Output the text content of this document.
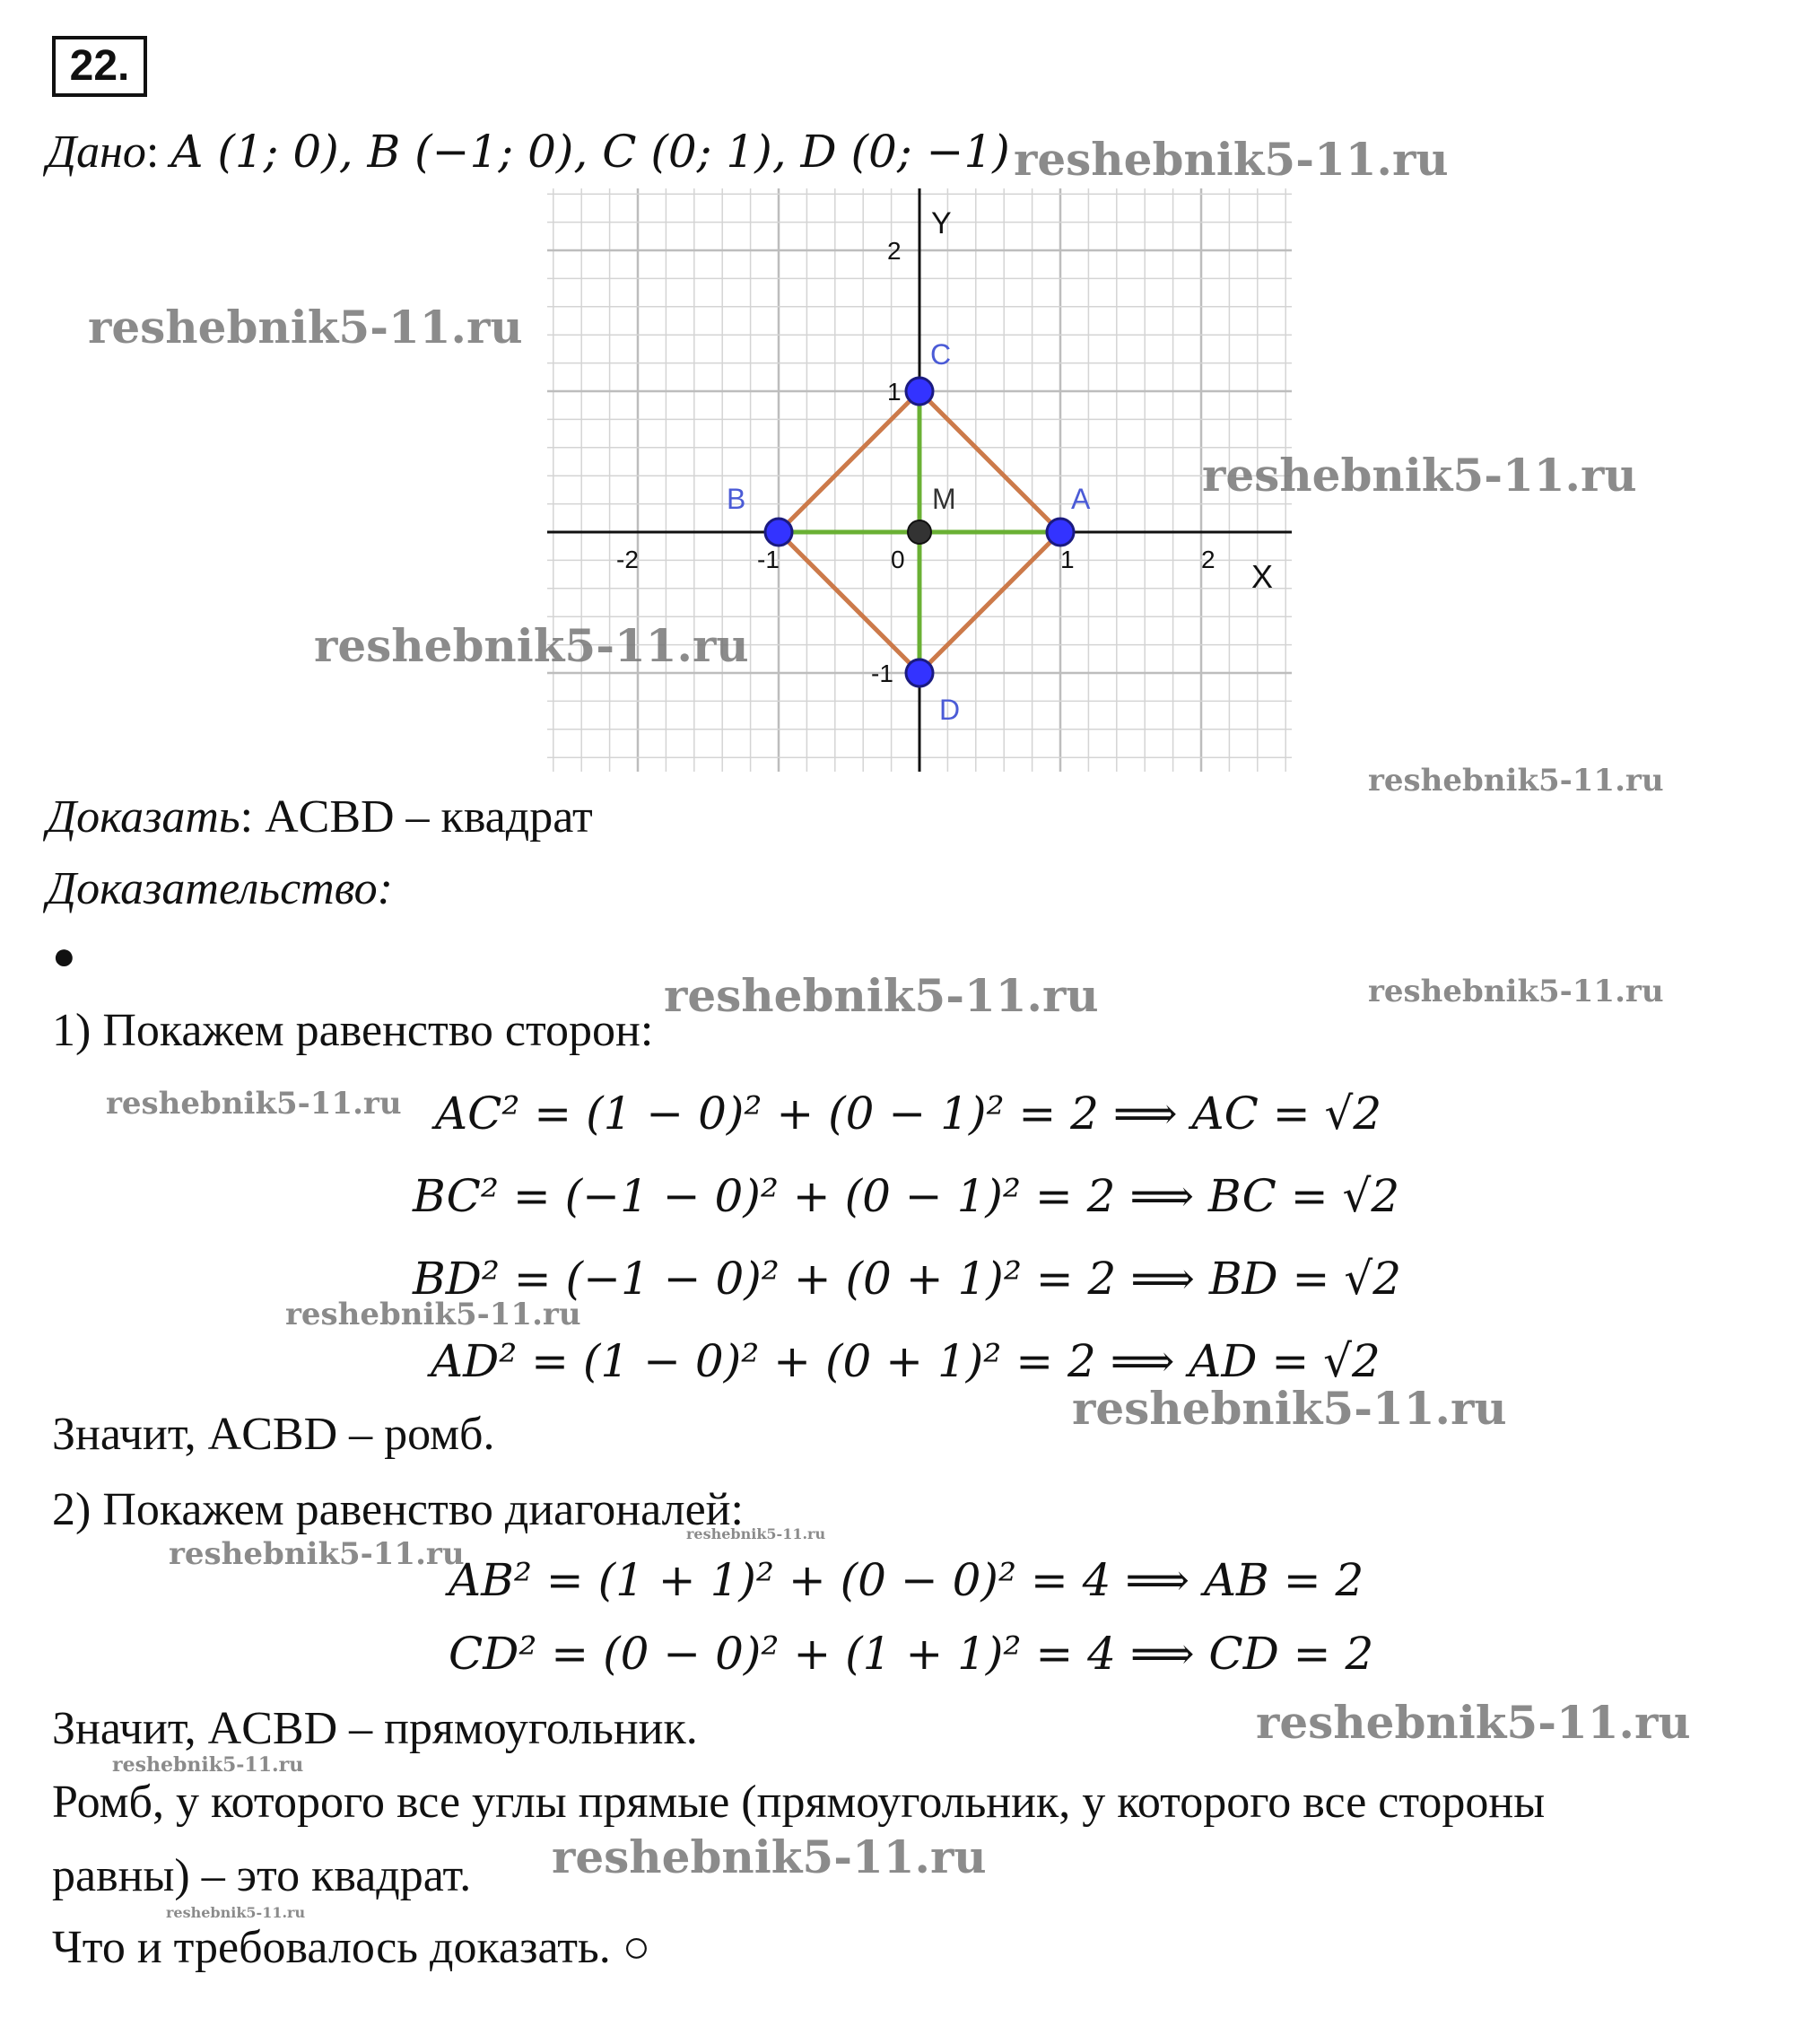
22.
Дано: A (1; 0), B (−1; 0), C (0; 1), D (0; −1)
A
B
C
D
M
X
Y
-2	-1	0	1	2
2
1
-1
Доказать: ACBD – квадрат
Доказательство:
●
1) Покажем равенство сторон:
AC² = (1 − 0)² + (0 − 1)² = 2 ⟹ AC = √2
BC² = (−1 − 0)² + (0 − 1)² = 2 ⟹ BC = √2
BD² = (−1 − 0)² + (0 + 1)² = 2 ⟹ BD = √2
AD² = (1 − 0)² + (0 + 1)² = 2 ⟹ AD = √2
Значит, ACBD – ромб.
2) Покажем равенство диагоналей:
AB² = (1 + 1)² + (0 − 0)² = 4 ⟹ AB = 2
CD² = (0 − 0)² + (1 + 1)² = 4 ⟹ CD = 2
Значит, ACBD – прямоугольник.
Ромб, у которого все углы прямые (прямоугольник, у которого все стороны
равны) – это квадрат.
Что и требовалось доказать. ○
reshebnik5-11.ru
reshebnik5-11.ru
reshebnik5-11.ru
reshebnik5-11.ru
reshebnik5-11.ru
reshebnik5-11.ru	reshebnik5-11.ru
reshebnik5-11.ru
reshebnik5-11.ru
reshebnik5-11.ru
reshebnik5-11.ru
reshebnik5-11.ru
reshebnik5-11.ru
reshebnik5-11.ru
reshebnik5-11.ru
reshebnik5-11.ru
